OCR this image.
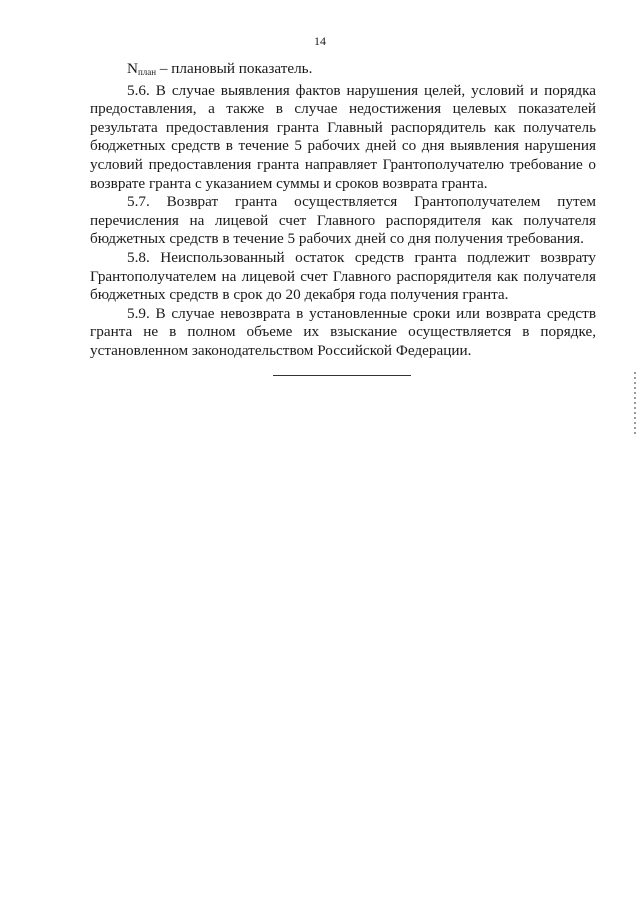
14

$N_{план}$ – плановый показатель.

5.6. В случае выявления фактов нарушения целей, условий и порядка предоставления, а также в случае недостижения целевых показателей результата предоставления гранта Главный распорядитель как получатель бюджетных средств в течение 5 рабочих дней со дня выявления нарушения условий предоставления гранта направляет Грантополучателю требование о возврате гранта с указанием суммы и сроков возврата гранта.

5.7. Возврат гранта осуществляется Грантополучателем путем перечисления на лицевой счет Главного распорядителя как получателя бюджетных средств в течение 5 рабочих дней со дня получения требования.

5.8. Неиспользованный остаток средств гранта подлежит возврату Грантополучателем на лицевой счет Главного распорядителя как получателя бюджетных средств в срок до 20 декабря года получения гранта.

5.9. В случае невозврата в установленные сроки или возврата средств гранта не в полном объеме их взыскание осуществляется в порядке, установленном законодательством Российской Федерации.
